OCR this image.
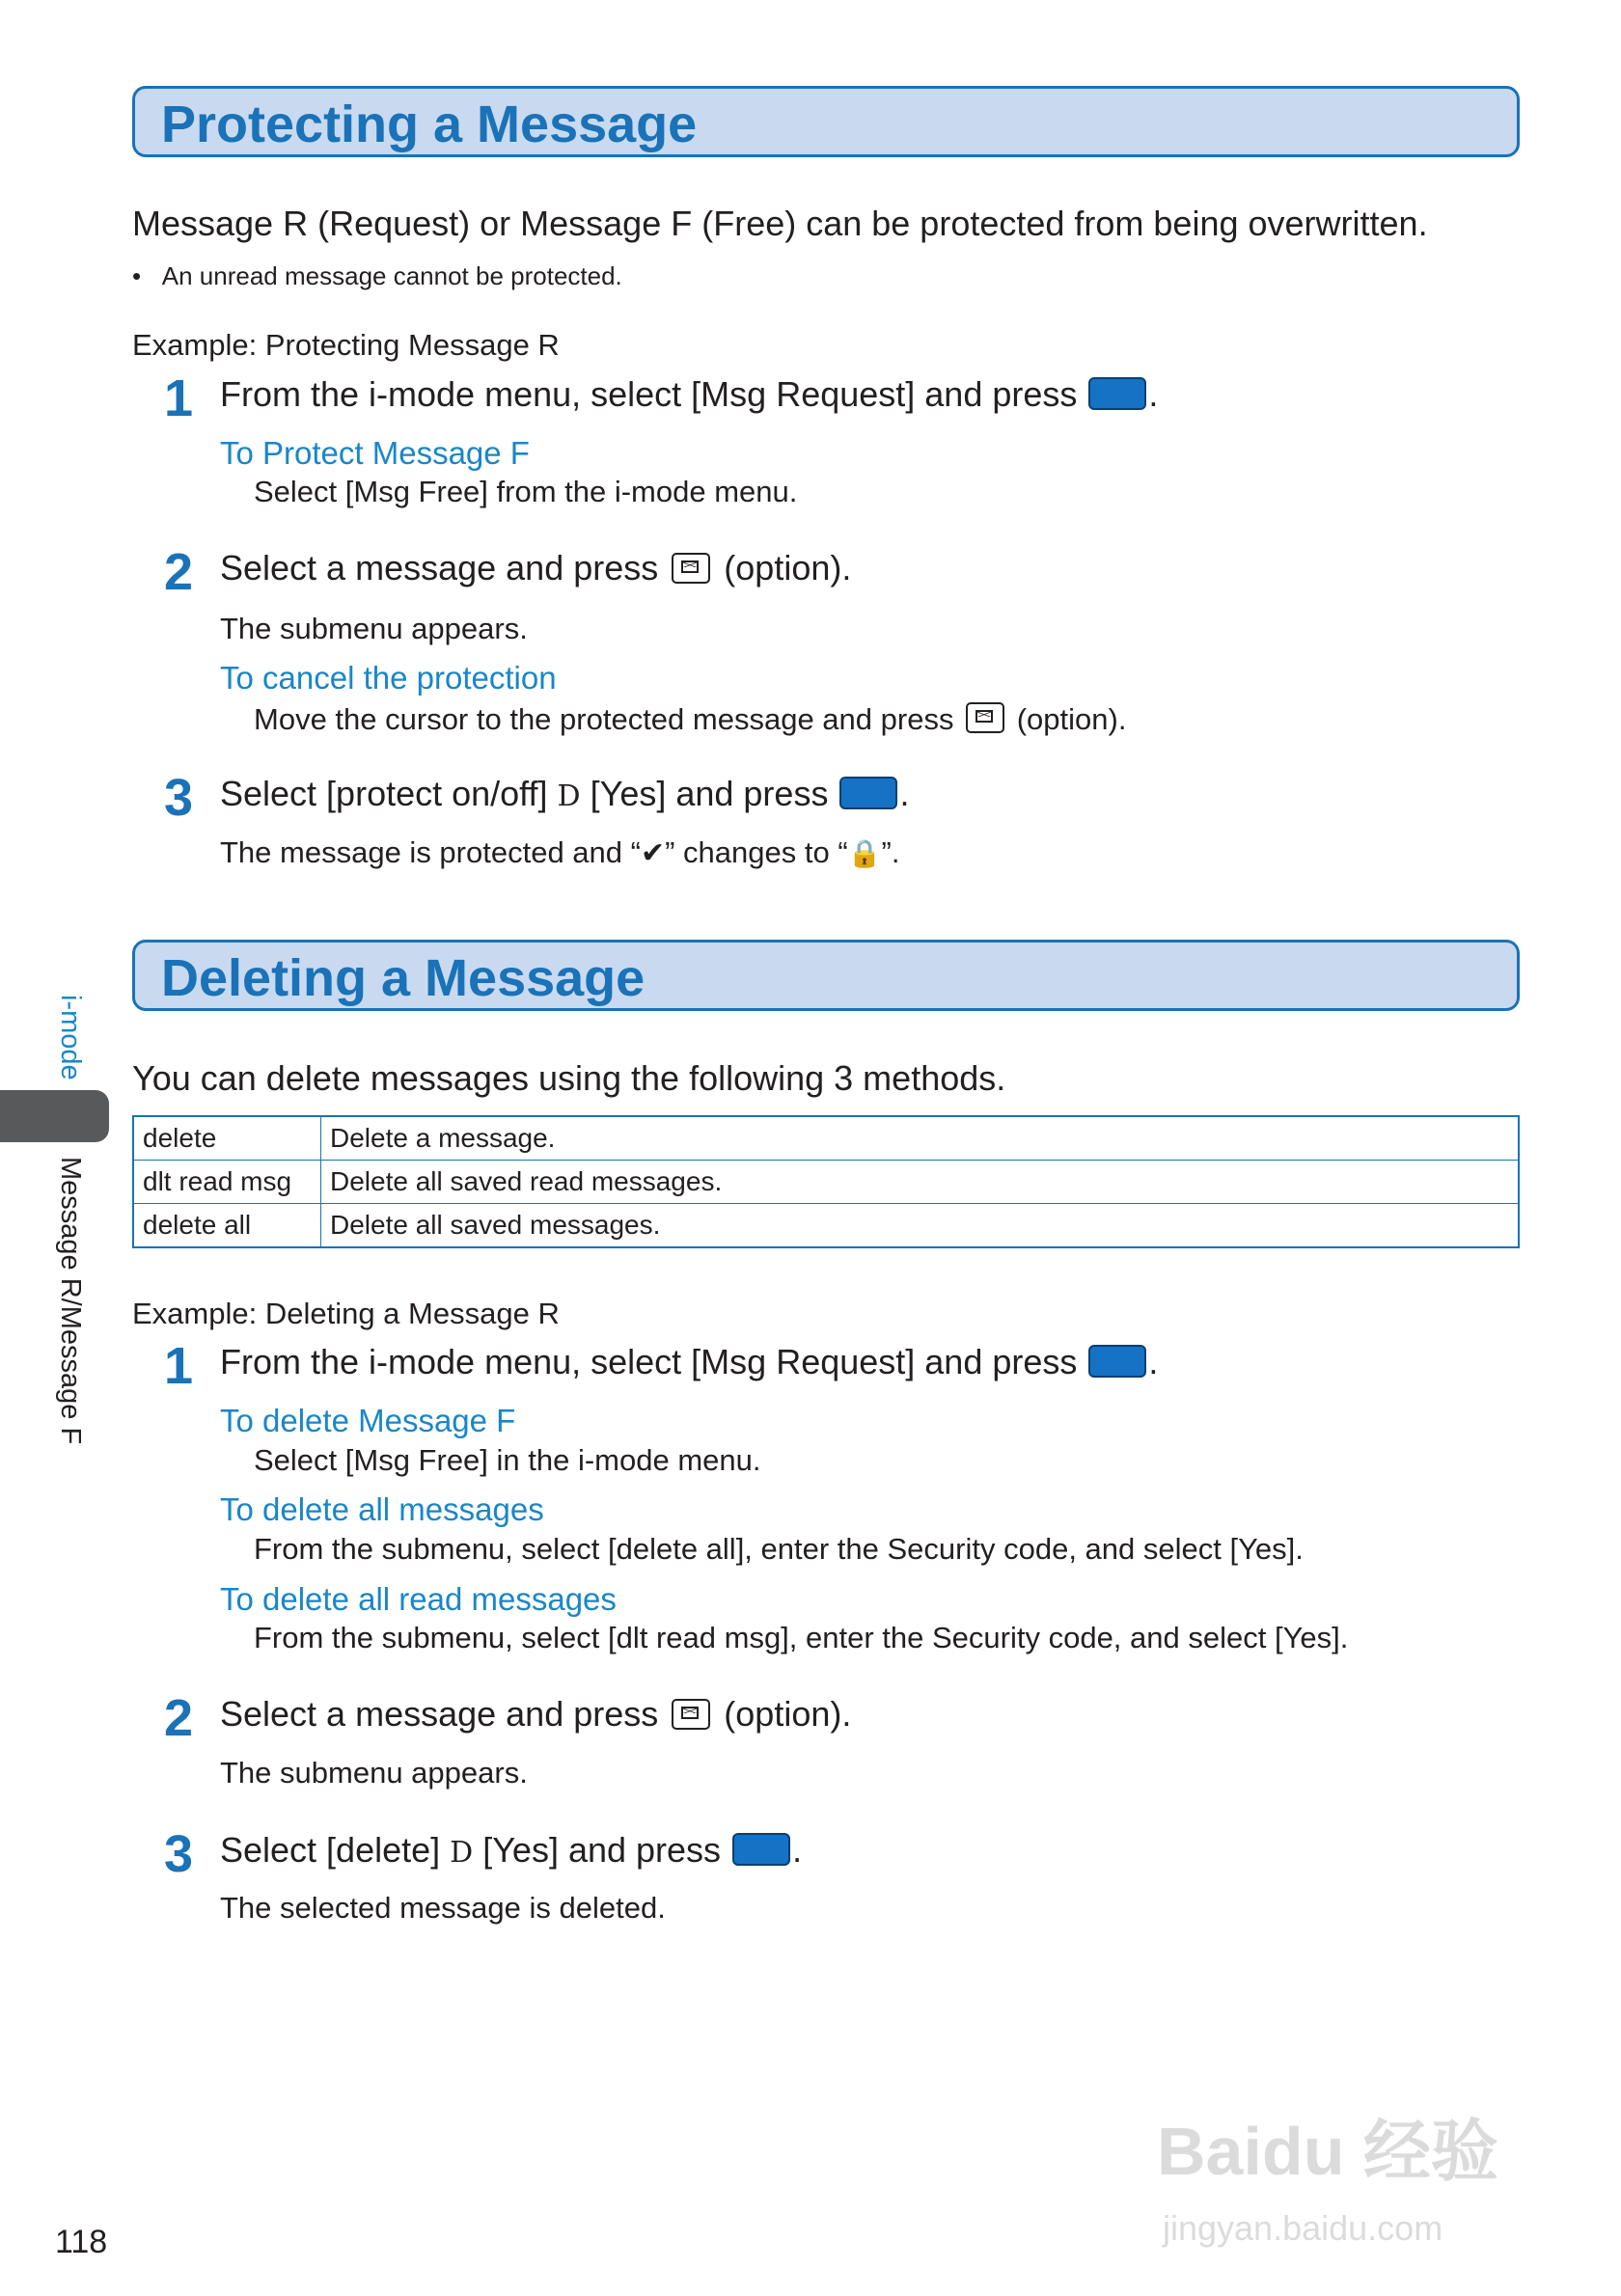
Protecting a Message
Message R (Request) or Message F (Free) can be protected from being overwritten.
•   An unread message cannot be protected.
Example: Protecting Message R
1 From the i-mode menu, select [Msg Request] and press .
To Protect Message F
Select [Msg Free] from the i-mode menu.
2 Select a message and press (option).
The submenu appears.
To cancel the protection
Move the cursor to the protected message and press (option).
3 Select [protect on/off] D [Yes] and press .
The message is protected and “✔” changes to “🔒”.
Deleting a Message
You can delete messages using the following 3 methods.
delete	Delete a message.
dlt read msg	Delete all saved read messages.
delete all	Delete all saved messages.
Example: Deleting a Message R
1 From the i-mode menu, select [Msg Request] and press .
To delete Message F
Select [Msg Free] in the i-mode menu.
To delete all messages
From the submenu, select [delete all], enter the Security code, and select [Yes].
To delete all read messages
From the submenu, select [dlt read msg], enter the Security code, and select [Yes].
2 Select a message and press (option).
The submenu appears.
3 Select [delete] D [Yes] and press .
The selected message is deleted.
i-mode
Message R/Message F
118
Baidu 经验
jingyan.baidu.com
